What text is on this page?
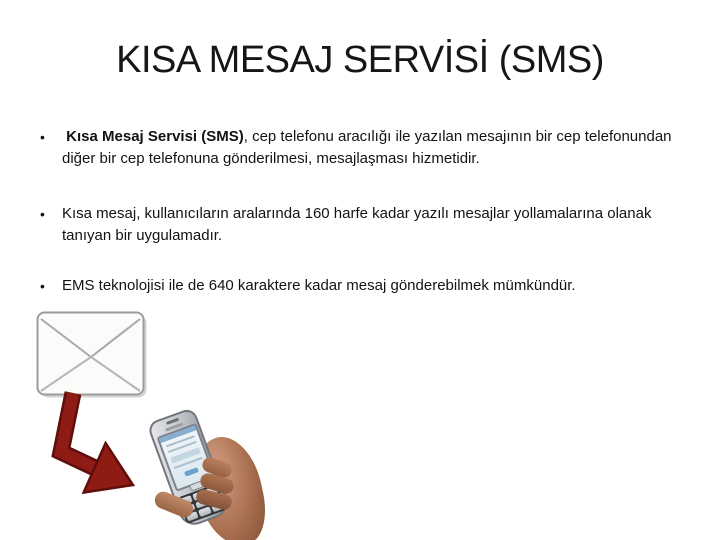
KISA MESAJ SERVİSİ (SMS)
•	Kısa Mesaj Servisi (SMS), cep telefonu aracılığı ile yazılan mesajının bir cep telefonundan diğer bir cep telefonuna gönderilmesi, mesajlaşması hizmetidir.
•	Kısa mesaj, kullanıcıların aralarında 160 harfe kadar yazılı mesajlar yollamalarına olanak tanıyan bir uygulamadır.
•	EMS teknolojisi ile de 640 karaktere kadar mesaj gönderebilmek mümkündür.
